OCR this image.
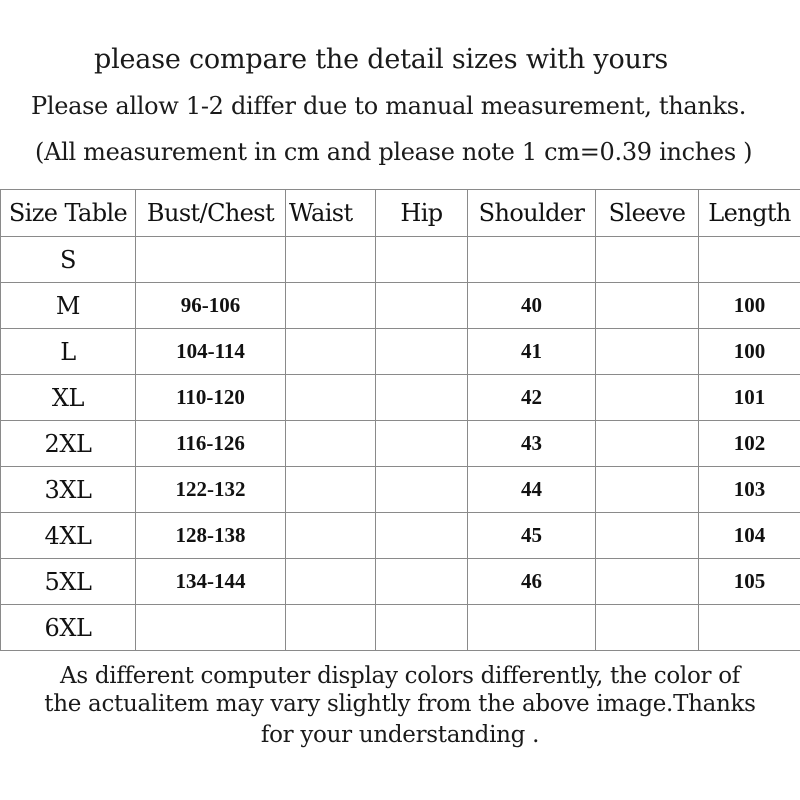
please compare the detail sizes with yours
Please allow 1-2 differ due to manual measurement, thanks.
(All measurement in cm and please note 1 cm=0.39 inches )
Size Table	Bust/Chest	Waist	Hip	Shoulder	Sleeve	Length
S						
M	96-106			40		100
L	104-114			41		100
XL	110-120			42		101
2XL	116-126			43		102
3XL	122-132			44		103
4XL	128-138			45		104
5XL	134-144			46		105
6XL						
As different computer display colors differently, the color of
the actualitem may vary slightly from the above image.Thanks
for your understanding .
